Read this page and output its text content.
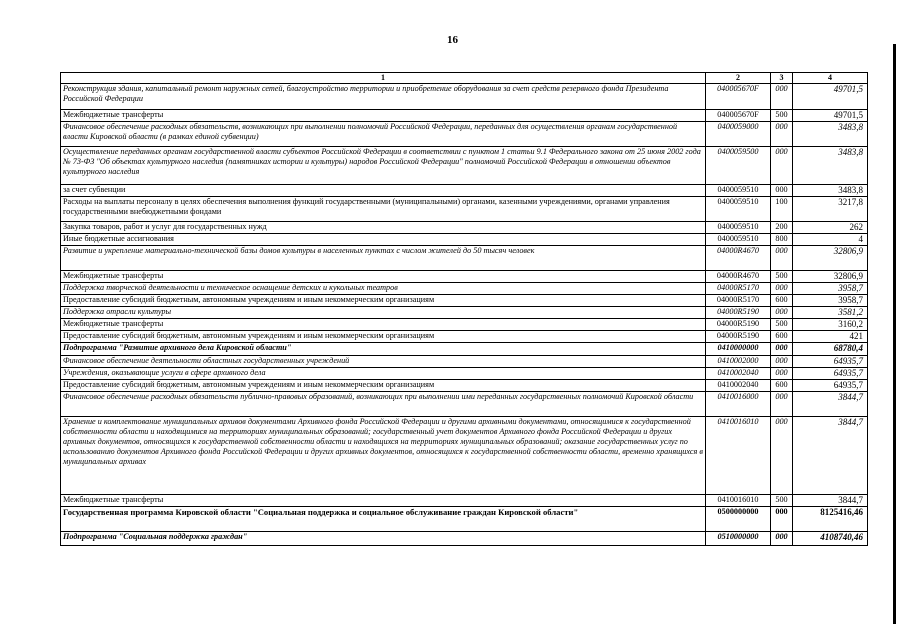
16
1	2	3	4
Реконструкция здания, капитальный ремонт наружных сетей, благоустройство территории и приобретение оборудования за счет средств резервного фонда Президента Российской Федерации	040005670F	000	49701,5
Межбюджетные трансферты	040005670F	500	49701,5
Финансовое обеспечение расходных обязательств, возникающих при выполнении полномочий Российской Федерации, переданных для осуществления органам государственной власти Кировской области (в рамках единой субвенции)	0400059000	000	3483,8
Осуществление переданных органам государственной власти субъектов Российской Федерации в соответствии с пунктом 1 статьи 9.1 Федерального закона от 25 июня 2002 года № 73-ФЗ "Об объектах культурного наследия (памятниках истории и культуры) народов Российской Федерации" полномочий Российской Федерации в отношении объектов культурного наследия	0400059500	000	3483,8
за счет субвенции	0400059510	000	3483,8
Расходы на выплаты персоналу в целях обеспечения выполнения функций государственными (муниципальными) органами, казенными учреждениями, органами управления государственными внебюджетными фондами	0400059510	100	3217,8
Закупка товаров, работ и услуг для государственных нужд	0400059510	200	262
Иные бюджетные ассигнования	0400059510	800	4
Развитие и укрепление материально-технической базы домов культуры в населенных пунктах с числом жителей до 50 тысяч человек	04000R4670	000	32806,9
Межбюджетные трансферты	04000R4670	500	32806,9
Поддержка творческой деятельности и техническое оснащение детских и кукольных театров	04000R5170	000	3958,7
Предоставление субсидий бюджетным, автономным учреждениям и иным некоммерческим организациям	04000R5170	600	3958,7
Поддержка отрасли культуры	04000R5190	000	3581,2
Межбюджетные трансферты	04000R5190	500	3160,2
Предоставление субсидий бюджетным, автономным учреждениям и иным некоммерческим организациям	04000R5190	600	421
Подпрограмма "Развитие архивного дела Кировской области"	0410000000	000	68780,4
Финансовое обеспечение деятельности областных государственных учреждений	0410002000	000	64935,7
Учреждения, оказывающие услуги в сфере архивного дела	0410002040	000	64935,7
Предоставление субсидий бюджетным, автономным учреждениям и иным некоммерческим организациям	0410002040	600	64935,7
Финансовое обеспечение расходных обязательств публично-правовых образований, возникающих при выполнении ими переданных государственных полномочий Кировской области	0410016000	000	3844,7
Хранение и комплектование муниципальных архивов документами Архивного фонда Российской Федерации и другими архивными документами, относящимися к государственной собственности области и находящимися на территориях муниципальных образований; государственный учет документов Архивного фонда Российской Федерации и других архивных документов, относящихся к государственной собственности области и находящихся на территориях муниципальных образований; оказание государственных услуг по использованию документов Архивного фонда Российской Федерации и других архивных документов, относящихся к государственной собственности области, временно хранящихся в муниципальных архивах	0410016010	000	3844,7
Межбюджетные трансферты	0410016010	500	3844,7
Государственная программа Кировской области "Социальная поддержка и социальное обслуживание граждан Кировской области"	0500000000	000	8125416,46
Подпрограмма "Социальная поддержка граждан"	0510000000	000	4108740,46
